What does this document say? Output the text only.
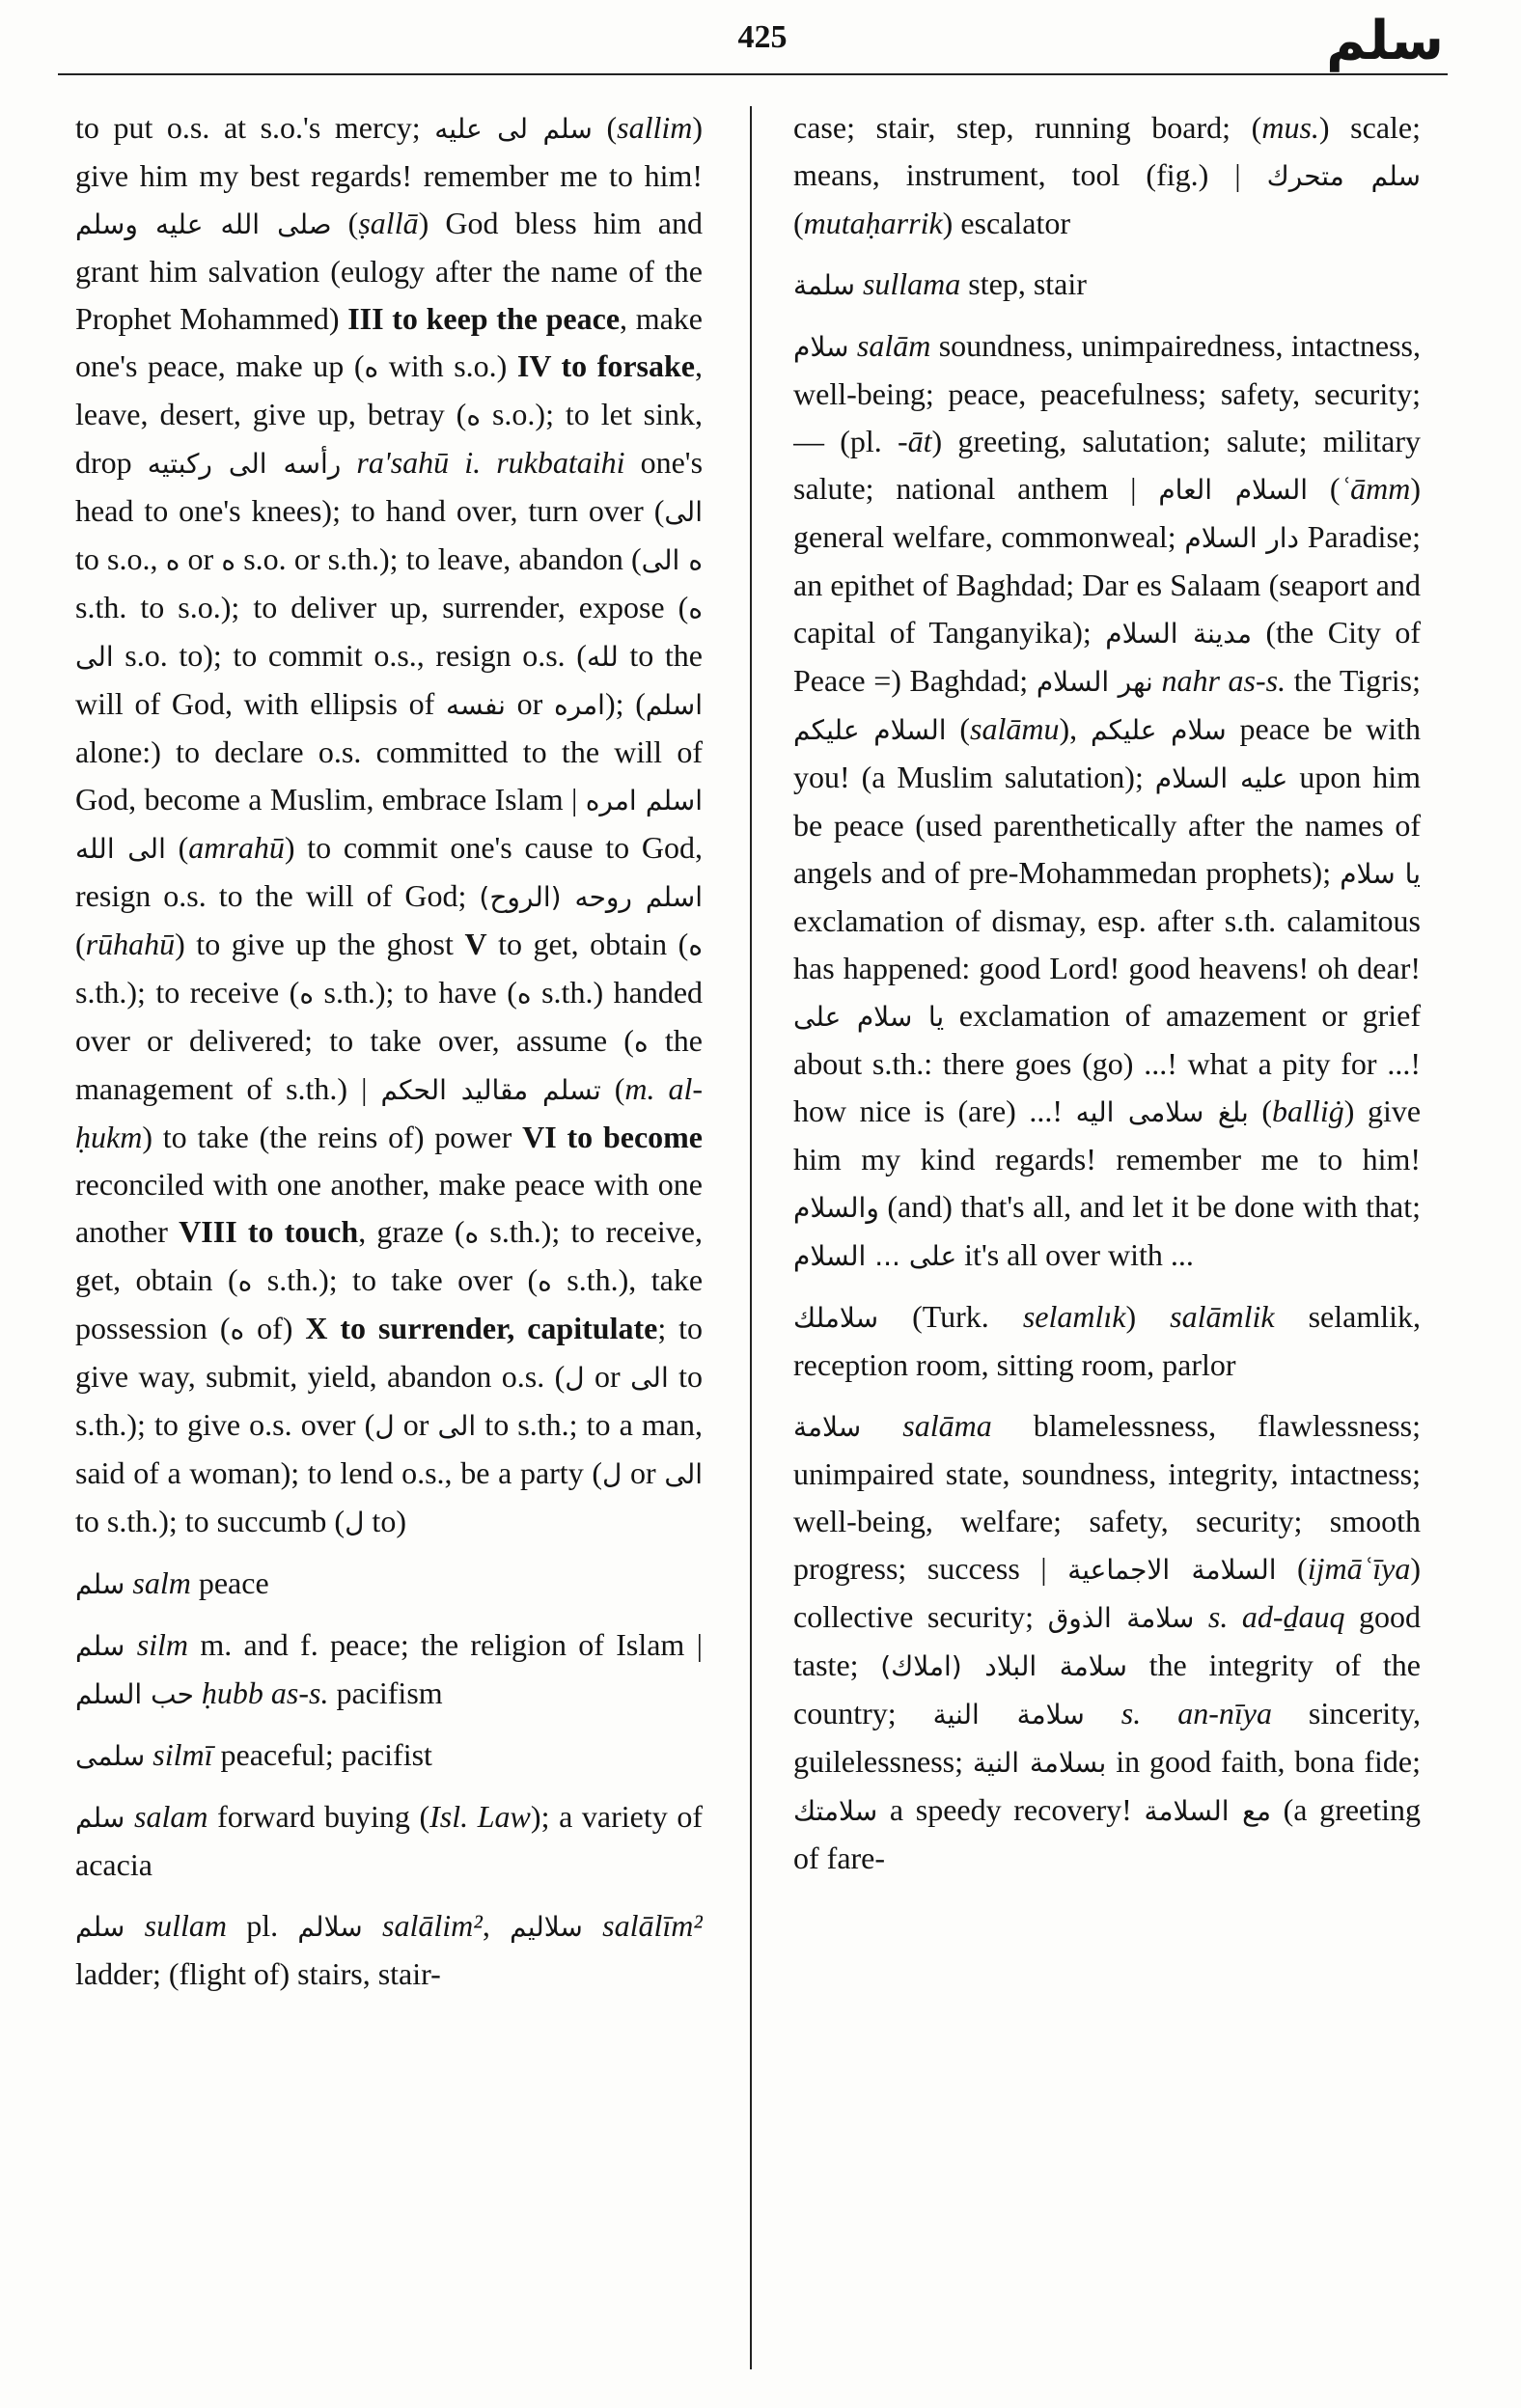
425	سلم

to put o.s. at s.o.'s mercy; سلم لى عليه (sallim) give him my best regards! remember me to him! صلى الله عليه وسلم (ṣallā) God bless him and grant him salvation (eulogy after the name of the Prophet Mohammed) III to keep the peace, make one's peace, make up (ه with s.o.) IV to forsake, leave, desert, give up, betray (ه s.o.); to let sink, drop رأسه الى ركبتيه ra'sahū i. rukbataihi one's head to one's knees); to hand over, turn over (الى to s.o., ه or ه s.o. or s.th.); to leave, abandon (ه الى s.th. to s.o.); to deliver up, surrender, expose (ه الى s.o. to); to commit o.s., resign o.s. (لله to the will of God, with ellipsis of نفسه or امره); (اسلم alone:) to declare o.s. committed to the will of God, become a Muslim, embrace Islam | اسلم امره الى الله (amrahū) to commit one's cause to God, resign o.s. to the will of God; اسلم روحه (الروح) (rūhahū) to give up the ghost V to get, obtain (ه s.th.); to receive (ه s.th.); to have (ه s.th.) handed over or delivered; to take over, assume (ه the management of s.th.) | تسلم مقاليد الحكم (m. al-ḥukm) to take (the reins of) power VI to become reconciled with one another, make peace with one another VIII to touch, graze (ه s.th.); to receive, get, obtain (ه s.th.); to take over (ه s.th.), take possession (ه of) X to surrender, capitulate; to give way, submit, yield, abandon o.s. (ل or الى to s.th.); to give o.s. over (ل or الى to s.th.; to a man, said of a woman); to lend o.s., be a party (ل or الى to s.th.); to succumb (ل to)

سلم salm peace

سلم silm m. and f. peace; the religion of Islam | حب السلم ḥubb as-s. pacifism

سلمى silmī peaceful; pacifist

سلم salam forward buying (Isl. Law); a variety of acacia

سلم sullam pl. سلالم salālim², سلاليم salālīm² ladder; (flight of) stairs, stair-

case; stair, step, running board; (mus.) scale; means, instrument, tool (fig.) | سلم متحرك (mutaḥarrik) escalator

سلمة sullama step, stair

سلام salām soundness, unimpairedness, intactness, well-being; peace, peacefulness; safety, security; — (pl. -āt) greeting, salutation; salute; military salute; national anthem | السلام العام (ʿāmm) general welfare, commonweal; دار السلام Paradise; an epithet of Baghdad; Dar es Salaam (seaport and capital of Tanganyika); مدينة السلام (the City of Peace =) Baghdad; نهر السلام nahr as-s. the Tigris; السلام عليكم (salāmu), سلام عليكم peace be with you! (a Muslim salutation); عليه السلام upon him be peace (used parenthetically after the names of angels and of pre-Mohammedan prophets); يا سلام exclamation of dismay, esp. after s.th. calamitous has happened: good Lord! good heavens! oh dear! يا سلام على exclamation of amazement or grief about s.th.: there goes (go) ...! what a pity for ...! how nice is (are) ...! بلغ سلامى اليه (balliġ) give him my kind regards! remember me to him! والسلام (and) that's all, and let it be done with that; على ... السلام it's all over with ...

سلاملك (Turk. selamlık) salāmlik selamlik, reception room, sitting room, parlor

سلامة salāma blamelessness, flawlessness; unimpaired state, soundness, integrity, intactness; well-being, welfare; safety, security; smooth progress; success | السلامة الاجماعية (ijmāʿīya) collective security; سلامة الذوق s. ad-ḏauq good taste; سلامة البلاد (املاك) the integrity of the country; سلامة النية s. an-nīya sincerity, guilelessness; بسلامة النية in good faith, bona fide; سلامتك a speedy recovery! مع السلامة (a greeting of fare-
